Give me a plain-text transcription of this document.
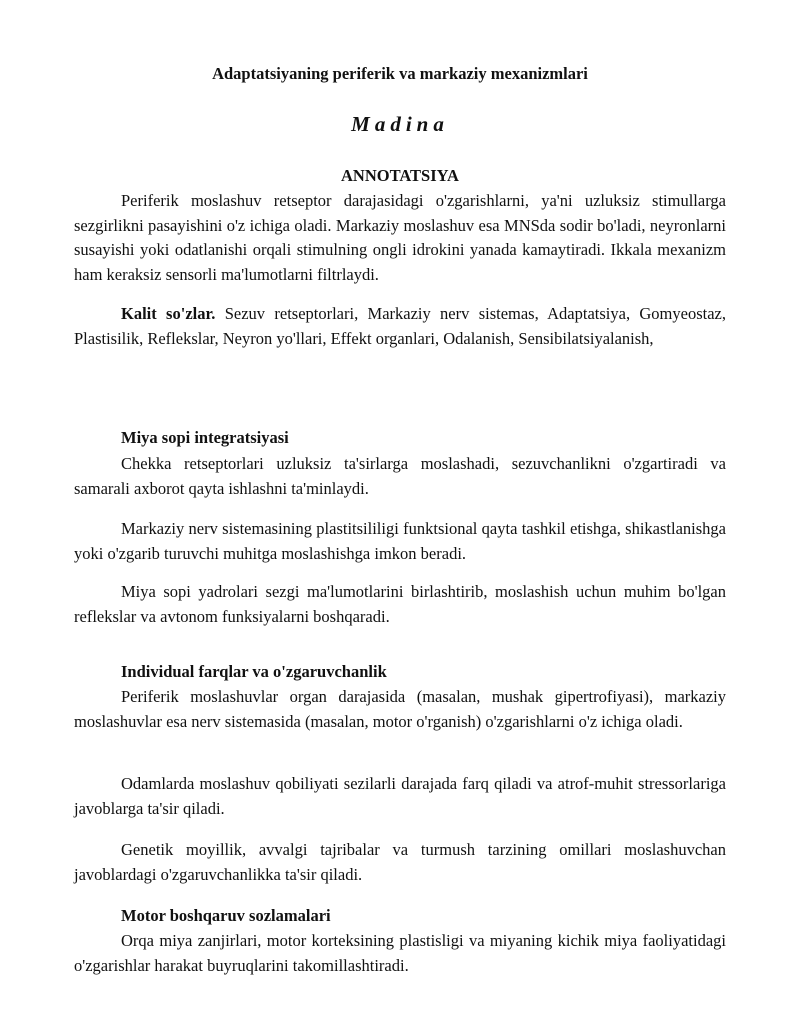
Adaptatsiyaning periferik va markaziy mexanizmlari
Madina
ANNOTATSIYA

Periferik moslashuv retseptor darajasidagi o'zgarishlarni, ya'ni uzluksiz stimullarga sezgirlikni pasayishini o'z ichiga oladi. Markaziy moslashuv esa MNSda sodir bo'ladi, neyronlarni susayishi yoki odatlanishi orqali stimulning ongli idrokini yanada kamaytiradi. Ikkala mexanizm ham keraksiz sensorli ma'lumotlarni filtrlaydi.

Kalit so'zlar. Sezuv retseptorlari, Markaziy nerv sistemas, Adaptatsiya, Gomyeostaz, Plastisilik, Reflekslar, Neyron yo'llari, Effekt organlari, Odalanish, Sensibilatsiyalanish,

Miya sopi integratsiyasi

Chekka retseptorlari uzluksiz ta'sirlarga moslashadi, sezuvchanlikni o'zgartiradi va samarali axborot qayta ishlashni ta'minlaydi.

Markaziy nerv sistemasining plastitsililigi funktsional qayta tashkil etishga, shikastlanishga yoki o'zgarib turuvchi muhitga moslashishga imkon beradi.

Miya sopi yadrolari sezgi ma'lumotlarini birlashtirib, moslashish uchun muhim bo'lgan reflekslar va avtonom funksiyalarni boshqaradi.

Individual farqlar va o'zgaruvchanlik

Periferik moslashuvlar organ darajasida (masalan, mushak gipertrofiyasi), markaziy moslashuvlar esa nerv sistemasida (masalan, motor o'rganish) o'zgarishlarni o'z ichiga oladi.

Odamlarda moslashuv qobiliyati sezilarli darajada farq qiladi va atrof-muhit stressorlariga javoblarga ta'sir qiladi.

Genetik moyillik, avvalgi tajribalar va turmush tarzining omillari moslashuvchan javoblardagi o'zgaruvchanlikka ta'sir qiladi.

Motor boshqaruv sozlamalari

Orqa miya zanjirlari, motor korteksining plastisligi va miyaning kichik miya faoliyatidagi o'zgarishlar harakat buyruqlarini takomillashtiradi.
